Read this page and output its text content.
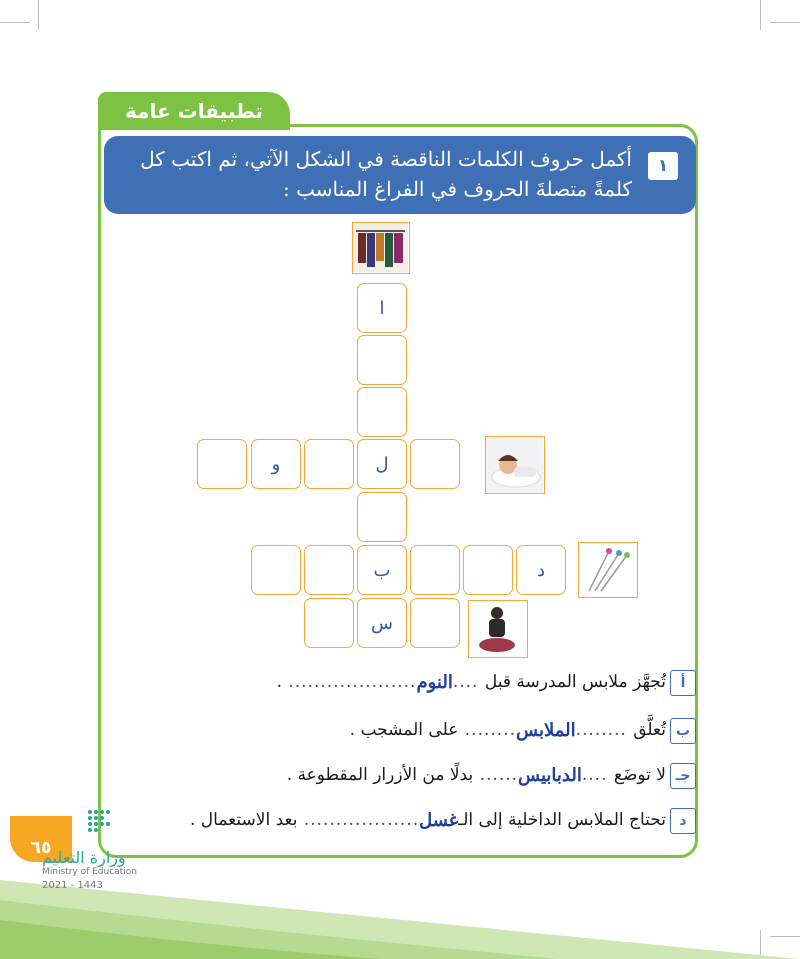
تطبيقات عامة
١
أكمل حروف الكلمات الناقصة في الشكل الآتي، ثم اكتب كل
كلمةً متصلةَ الحروف في الفراغ المناسب :
ا
و	ل
ب	د
س
أ
تُجهَّز ملابس المدرسة قبل
....
النوم
....................
.
ب
تُعلَّق
........
الملابس
........
على المشجب .
جـ
لا توضَع
....
الدبابيس
......
بدلًا من الأزرار المقطوعة .
د
تحتاج الملابس الداخلية إلى الـ
غسل
..................
بعد الاستعمال .
٦٥
وزارة التعليم
Ministry of Education
2021 - 1443
